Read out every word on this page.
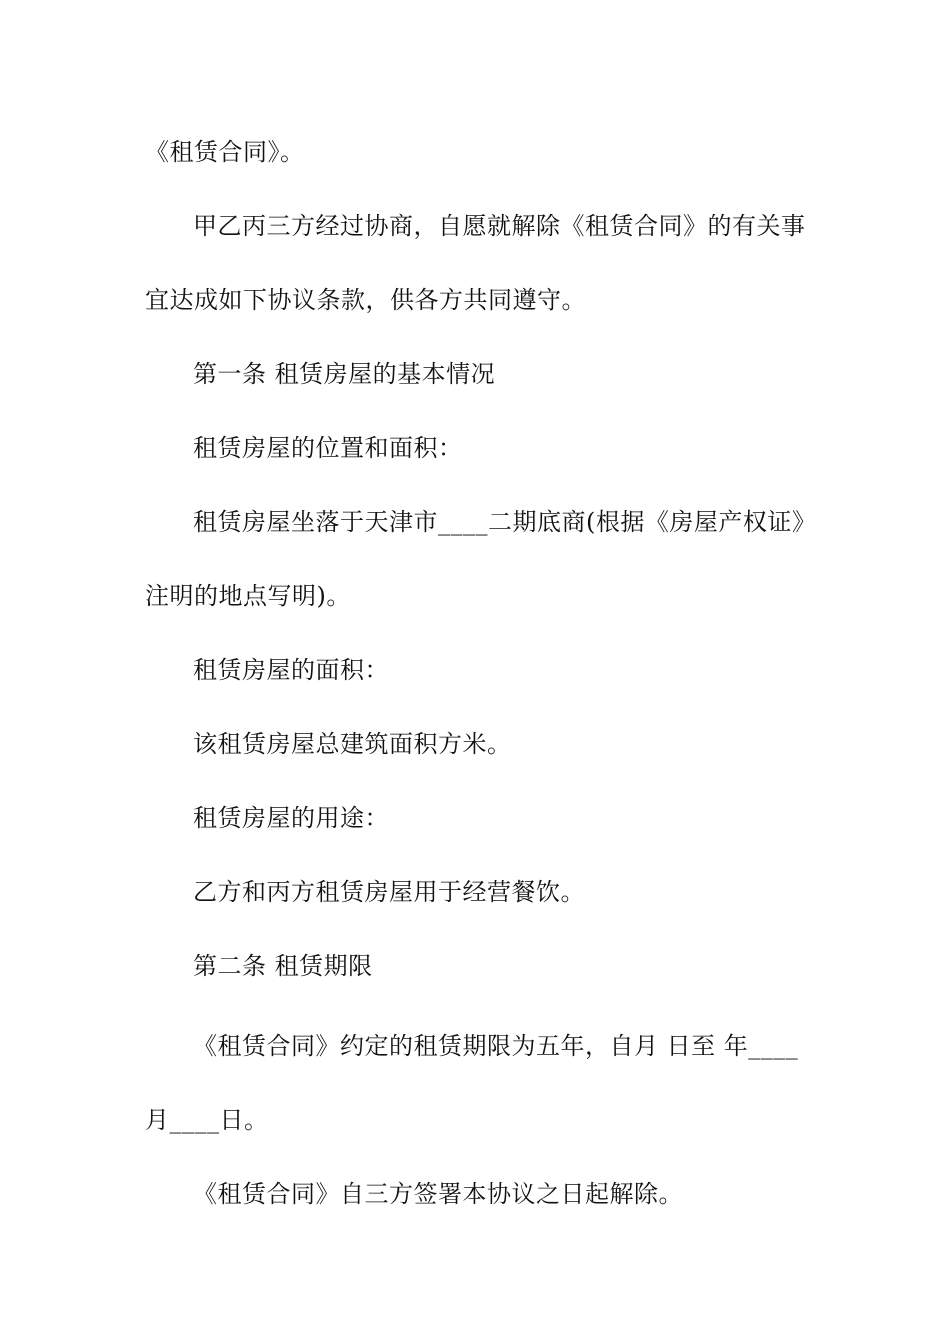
《租赁合同》。
甲乙丙三方经过协商，自愿就解除《租赁合同》的有关事
宜达成如下协议条款，供各方共同遵守。
第一条 租赁房屋的基本情况
租赁房屋的位置和面积：
租赁房屋坐落于天津市____二期底商(根据《房屋产权证》
注明的地点写明)。
租赁房屋的面积：
该租赁房屋总建筑面积方米。
租赁房屋的用途：
乙方和丙方租赁房屋用于经营餐饮。
第二条 租赁期限
《租赁合同》约定的租赁期限为五年，自月 日至 年____
月____日。
《租赁合同》自三方签署本协议之日起解除。
